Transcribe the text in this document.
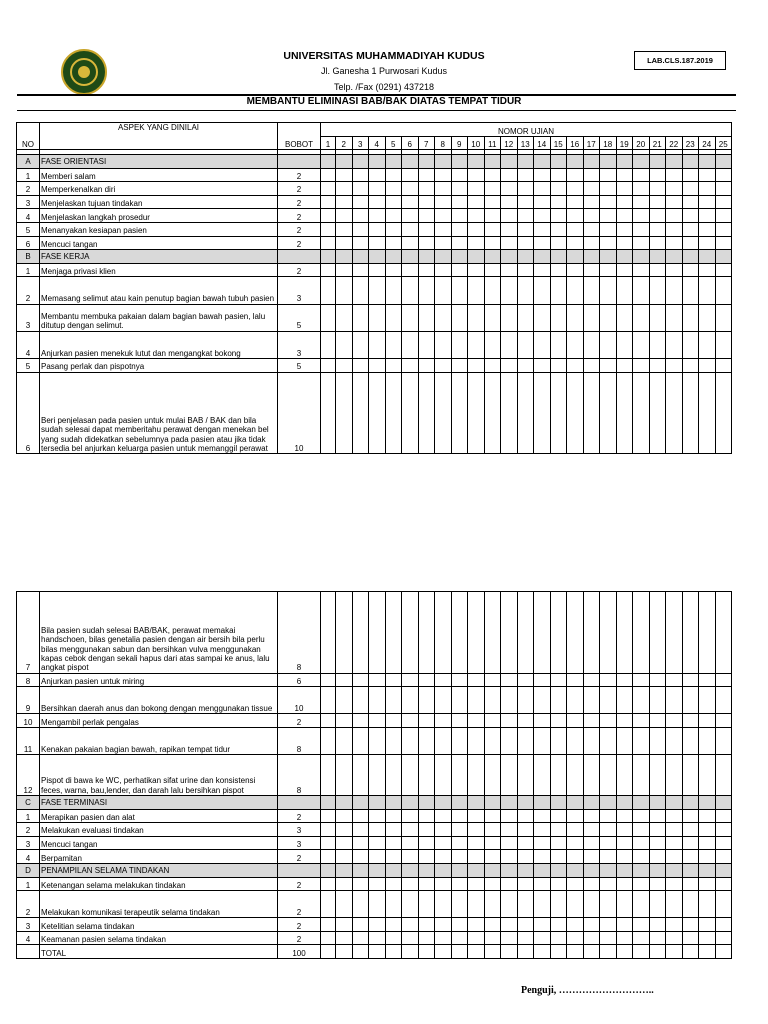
UNIVERSITAS MUHAMMADIYAH KUDUS
Jl. Ganesha 1 Purwosari Kudus
Telp. /Fax (0291) 437218
LAB.CLS.187.2019
MEMBANTU ELIMINASI BAB/BAK DIATAS TEMPAT TIDUR
NO	ASPEK YANG DINILAI	BOBOT	NOMOR UJIAN																								
			1	2	3	4	5	6	7	8	9	10	11	12	13	14	15	16	17	18	19	20	21	22	23	24	25

A	FASE ORIENTASI																										
1	Memberi salam	2																									
2	Memperkenalkan diri	2																									
3	Menjelaskan tujuan tindakan	2																									
4	Menjelaskan langkah prosedur	2																									
5	Menanyakan kesiapan pasien	2																									
6	Mencuci tangan	2																									
B	FASE KERJA																										
1	Menjaga privasi klien	2																									
2	Memasang selimut atau kain penutup bagian bawah tubuh pasien	3																									
3	Membantu membuka pakaian dalam bagian bawah pasien, lalu ditutup dengan selimut.	5																									
4	Anjurkan pasien menekuk lutut dan mengangkat bokong	3																									
5	Pasang perlak dan pispotnya	5																									
6	Beri penjelasan pada pasien untuk mulai BAB / BAK dan bila sudah selesai dapat memberitahu perawat dengan menekan bel yang sudah didekatkan sebelumnya pada pasien atau jika tidak tersedia bel anjurkan keluarga pasien untuk memanggil perawat	10																									
7	Bila pasien sudah selesai BAB/BAK, perawat memakai handschoen, bilas genetalia pasien dengan air bersih bila perlu bilas menggunakan sabun dan bersihkan vulva menggunakan kapas cebok dengan sekali hapus dari atas sampai ke anus, lalu angkat pispot	8																									
8	Anjurkan pasien untuk miring	6																									
9	Bersihkan daerah anus dan bokong dengan menggunakan tissue	10																									
10	Mengambil perlak pengalas	2																									
11	Kenakan pakaian bagian bawah, rapikan tempat tidur	8																									
12	Pispot di bawa ke WC, perhatikan sifat urine dan konsistensi feces, warna, bau,lender, dan darah lalu bersihkan pispot	8																									
C	FASE TERMINASI																										
1	Merapikan pasien dan alat	2																									
2	Melakukan evaluasi tindakan	3																									
3	Mencuci tangan	3																									
4	Berpamitan	2																									
D	PENAMPILAN SELAMA TINDAKAN																										
1	Ketenangan selama melakukan tindakan	2																									
2	Melakukan komunikasi terapeutik selama tindakan	2																									
3	Ketelitian selama tindakan	2																									
4	Keamanan pasien selama tindakan	2																									
	TOTAL	100																									
Penguji, ………………………..
